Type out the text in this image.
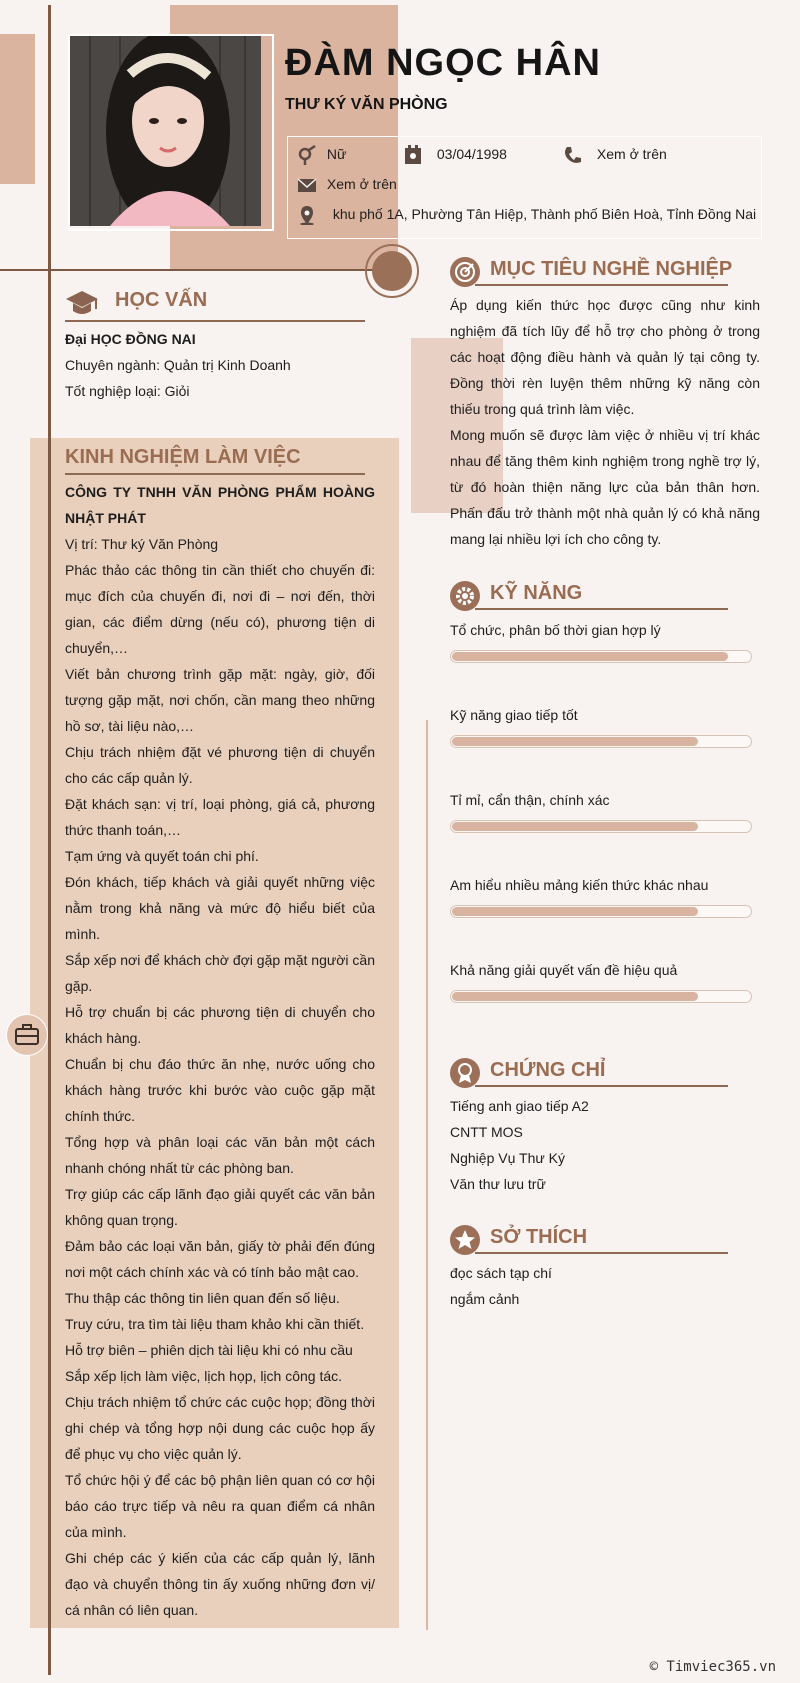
ĐÀM NGỌC HÂN
THƯ KÝ VĂN PHÒNG
Nữ	03/04/1998	Xem ở trên
Xem ở trên
khu phố 1A, Phường Tân Hiệp, Thành phố Biên Hoà, Tỉnh Đồng Nai
HỌC VẤN
Đại HỌC ĐỒNG NAI
Chuyên ngành: Quản trị Kinh Doanh
Tốt nghiệp loại: Giỏi
KINH NGHIỆM LÀM VIỆC
CÔNG TY TNHH VĂN PHÒNG PHẨM HOÀNG NHẬT PHÁT
Vị trí: Thư ký Văn Phòng
Phác thảo các thông tin cần thiết cho chuyến đi: mục đích của chuyến đi, nơi đi – nơi đến, thời gian, các điểm dừng (nếu có), phương tiện di chuyển,…
Viết bản chương trình gặp mặt: ngày, giờ, đối tượng gặp mặt, nơi chốn, cần mang theo những hồ sơ, tài liệu nào,…
Chịu trách nhiệm đặt vé phương tiện di chuyển cho các cấp quản lý.
Đặt khách sạn: vị trí, loại phòng, giá cả, phương thức thanh toán,…
Tạm ứng và quyết toán chi phí.
Đón khách, tiếp khách và giải quyết những việc nằm trong khả năng và mức độ hiểu biết của mình.
Sắp xếp nơi để khách chờ đợi gặp mặt người cần gặp.
Hỗ trợ chuẩn bị các phương tiện di chuyển cho khách hàng.
Chuẩn bị chu đáo thức ăn nhẹ, nước uống cho khách hàng trước khi bước vào cuộc gặp mặt chính thức.
Tổng hợp và phân loại các văn bản một cách nhanh chóng nhất từ các phòng ban.
Trợ giúp các cấp lãnh đạo giải quyết các văn bản không quan trọng.
Đảm bảo các loại văn bản, giấy tờ phải đến đúng nơi một cách chính xác và có tính bảo mật cao.
Thu thập các thông tin liên quan đến số liệu.
Truy cứu, tra tìm tài liệu tham khảo khi cần thiết.
Hỗ trợ biên – phiên dịch tài liệu khi có nhu cầu
Sắp xếp lịch làm việc, lịch họp, lịch công tác.
Chịu trách nhiệm tổ chức các cuộc họp; đồng thời ghi chép và tổng hợp nội dung các cuộc họp ấy để phục vụ cho việc quản lý.
Tổ chức hội ý để các bộ phận liên quan có cơ hội báo cáo trực tiếp và nêu ra quan điểm cá nhân của mình.
Ghi chép các ý kiến của các cấp quản lý, lãnh đạo và chuyển thông tin ấy xuống những đơn vị/ cá nhân có liên quan.
MỤC TIÊU NGHỀ NGHIỆP
Áp dụng kiến thức học được cũng như kinh nghiệm đã tích lũy để hỗ trợ cho phòng ở trong các hoạt động điều hành và quản lý tại công ty. Đồng thời rèn luyện thêm những kỹ năng còn thiếu trong quá trình làm việc.
Mong muốn sẽ được làm việc ở nhiều vị trí khác nhau để tăng thêm kinh nghiệm trong nghề trợ lý, từ đó hoàn thiện năng lực của bản thân hơn. Phấn đấu trở thành một nhà quản lý có khả năng mang lại nhiều lợi ích cho công ty.
KỸ NĂNG
Tổ chức, phân bố thời gian hợp lý
Kỹ năng giao tiếp tốt
Tỉ mỉ, cẩn thận, chính xác
Am hiểu nhiều mảng kiến thức khác nhau
Khả năng giải quyết vấn đề hiệu quả
CHỨNG CHỈ
Tiếng anh giao tiếp A2
CNTT MOS
Nghiệp Vụ Thư Ký
Văn thư lưu trữ
SỞ THÍCH
đọc sách tạp chí
ngắm cảnh
© Timviec365.vn
